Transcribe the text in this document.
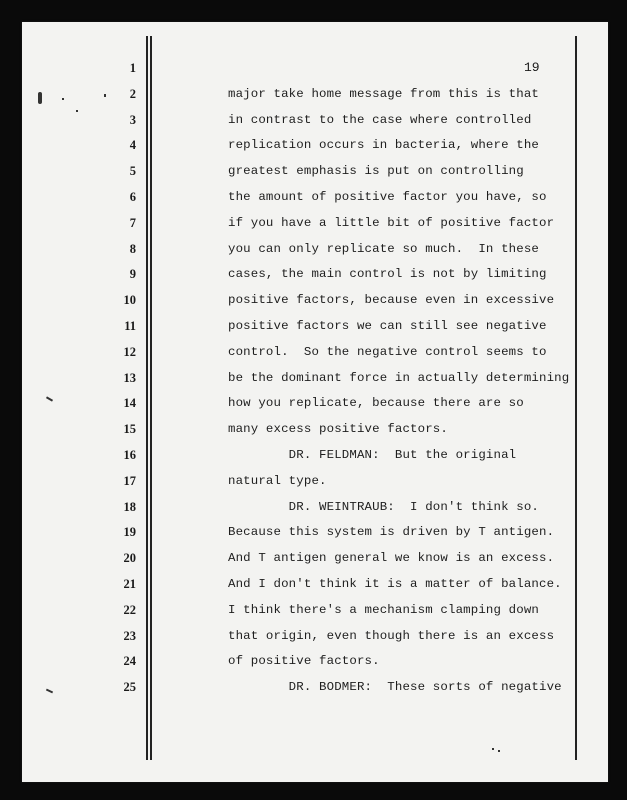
19
1
2
3
4
5
6
7
8
9
10
11
12
13
14
15
16
17
18
19
20
21
22
23
24
25
major take home message from this is that
in contrast to the case where controlled
replication occurs in bacteria, where the
greatest emphasis is put on controlling
the amount of positive factor you have, so
if you have a little bit of positive factor
you can only replicate so much.  In these
cases, the main control is not by limiting
positive factors, because even in excessive
positive factors we can still see negative
control.  So the negative control seems to
be the dominant force in actually determining
how you replicate, because there are so
many excess positive factors.
DR. FELDMAN:  But the original
natural type.
DR. WEINTRAUB:  I don't think so.
Because this system is driven by T antigen.
And T antigen general we know is an excess.
And I don't think it is a matter of balance.
I think there's a mechanism clamping down
that origin, even though there is an excess
of positive factors.
DR. BODMER:  These sorts of negative
